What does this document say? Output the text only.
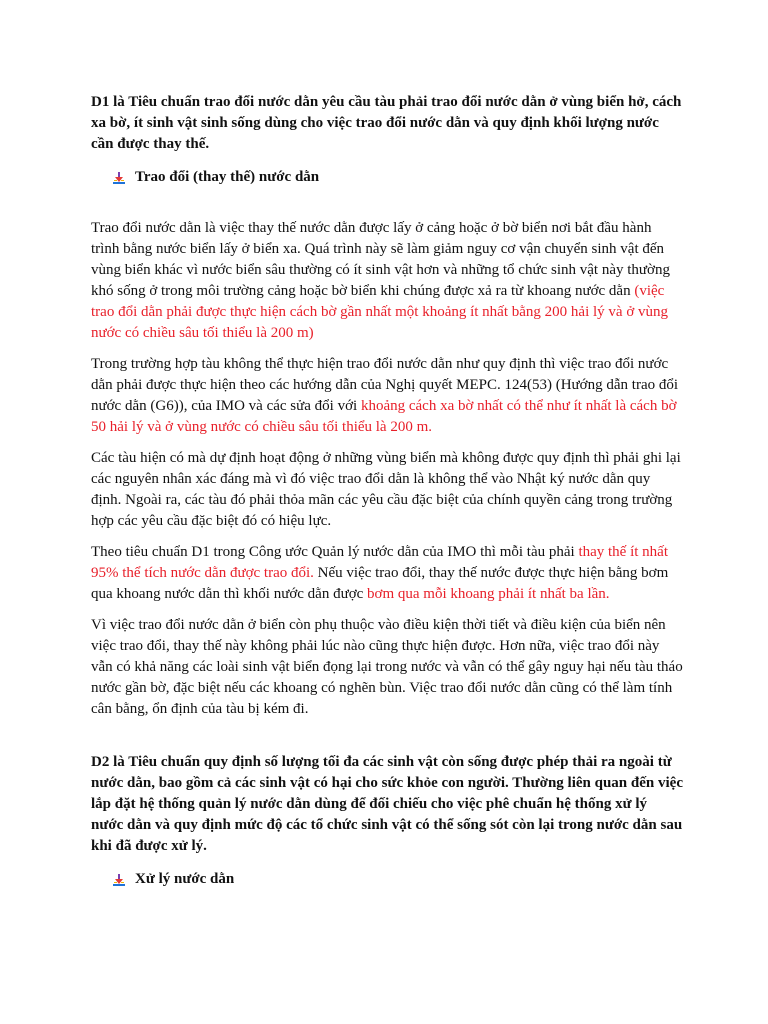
D1 là Tiêu chuẩn trao đổi nước dằn yêu cầu tàu phải trao đổi nước dằn ở vùng biển hở, cách xa bờ, ít sinh vật sinh sống dùng cho việc trao đổi nước dằn và quy định khối lượng nước cần được thay thế.

Trao đổi (thay thế) nước dằn

Trao đổi nước dằn là việc thay thế nước dằn được lấy ở cảng hoặc ở bờ biển nơi bắt đầu hành trình bằng nước biển lấy ở biển xa. Quá trình này sẽ làm giảm nguy cơ vận chuyển sinh vật đến vùng biển khác vì nước biển sâu thường có ít sinh vật hơn và những tổ chức sinh vật này thường khó sống ở trong môi trường cảng hoặc bờ biển khi chúng được xả ra từ khoang nước dằn (việc trao đổi dằn phải được thực hiện cách bờ gần nhất một khoảng ít nhất bằng 200 hải lý và ở vùng nước có chiều sâu tối thiểu là 200 m)

Trong trường hợp tàu không thể thực hiện trao đổi nước dằn như quy định thì việc trao đổi nước dằn phải được thực hiện theo các hướng dẫn của Nghị quyết MEPC. 124(53) (Hướng dẫn trao đổi nước dằn (G6)), của IMO và các sửa đổi với khoảng cách xa bờ nhất có thể như ít nhất là cách bờ 50 hải lý và ở vùng nước có chiều sâu tối thiểu là 200 m.

Các tàu hiện có mà dự định hoạt động ở những vùng biển mà không được quy định thì phải ghi lại các nguyên nhân xác đáng mà vì đó việc trao đổi dằn là không thể vào Nhật ký nước dằn quy định. Ngoài ra, các tàu đó phải thỏa mãn các yêu cầu đặc biệt của chính quyền cảng trong trường hợp các yêu cầu đặc biệt đó có hiệu lực.

Theo tiêu chuẩn D1 trong Công ước Quản lý nước dằn của IMO thì mỗi tàu phải thay thế ít nhất 95% thể tích nước dằn được trao đổi. Nếu việc trao đổi, thay thế nước được thực hiện bằng bơm qua khoang nước dằn thì khối nước dằn được bơm qua mỗi khoang phải ít nhất ba lần.

Vì việc trao đổi nước dằn ở biển còn phụ thuộc vào điều kiện thời tiết và điều kiện của biển nên việc trao đổi, thay thế này không phải lúc nào cũng thực hiện được. Hơn nữa, việc trao đổi này vẫn có khả năng các loài sinh vật biển đọng lại trong nước và vẫn có thể gây nguy hại nếu tàu tháo nước gần bờ, đặc biệt nếu các khoang có nghẽn bùn. Việc trao đổi nước dằn cũng có thể làm tính cân bằng, ổn định của tàu bị kém đi.

D2 là Tiêu chuẩn quy định số lượng tối đa các sinh vật còn sống được phép thải ra ngoài từ nước dằn, bao gồm cả các sinh vật có hại cho sức khỏe con người. Thường liên quan đến việc lắp đặt hệ thống quản lý nước dằn dùng để đối chiếu cho việc phê chuẩn hệ thống xử lý nước dằn và quy định mức độ các tổ chức sinh vật có thể sống sót còn lại trong nước dằn sau khi đã được xử lý.

Xử lý nước dằn
